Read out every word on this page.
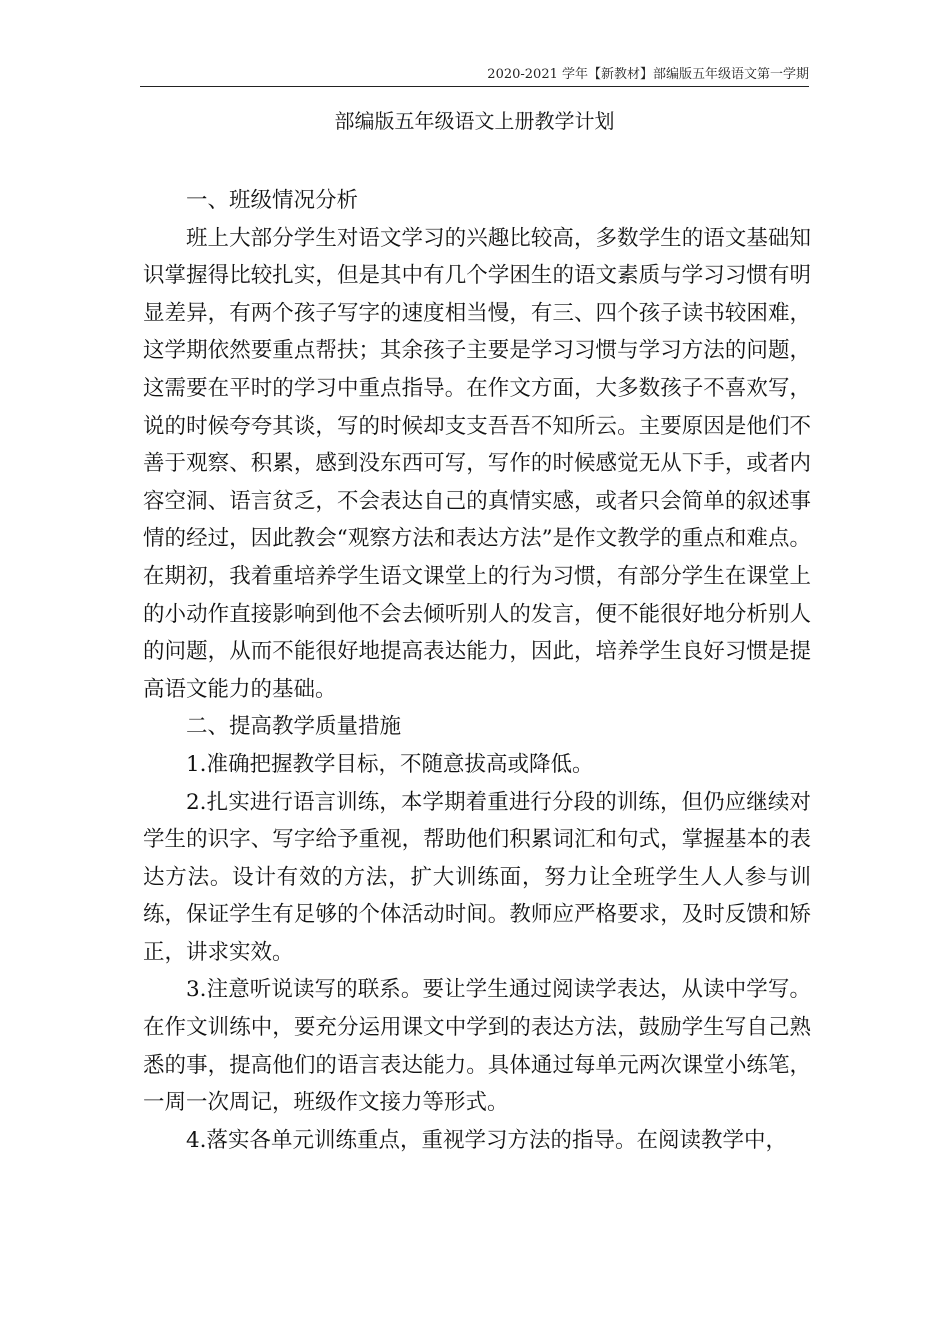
2020-2021 学年【新教材】部编版五年级语文第一学期
部编版五年级语文上册教学计划

一、班级情况分析

班上大部分学生对语文学习的兴趣比较高，多数学生的语文基础知识掌握得比较扎实，但是其中有几个学困生的语文素质与学习习惯有明显差异，有两个孩子写字的速度相当慢，有三、四个孩子读书较困难，这学期依然要重点帮扶；其余孩子主要是学习习惯与学习方法的问题，这需要在平时的学习中重点指导。在作文方面，大多数孩子不喜欢写，说的时候夸夸其谈，写的时候却支支吾吾不知所云。主要原因是他们不善于观察、积累，感到没东西可写，写作的时候感觉无从下手，或者内容空洞、语言贫乏，不会表达自己的真情实感，或者只会简单的叙述事情的经过，因此教会“观察方法和表达方法”是作文教学的重点和难点。在期初，我着重培养学生语文课堂上的行为习惯，有部分学生在课堂上的小动作直接影响到他不会去倾听别人的发言，便不能很好地分析别人的问题，从而不能很好地提高表达能力，因此，培养学生良好习惯是提高语文能力的基础。

二、提高教学质量措施

1.准确把握教学目标，不随意拔高或降低。

2.扎实进行语言训练，本学期着重进行分段的训练，但仍应继续对学生的识字、写字给予重视，帮助他们积累词汇和句式，掌握基本的表达方法。设计有效的方法，扩大训练面，努力让全班学生人人参与训练，保证学生有足够的个体活动时间。教师应严格要求，及时反馈和矫正，讲求实效。

3.注意听说读写的联系。要让学生通过阅读学表达，从读中学写。在作文训练中，要充分运用课文中学到的表达方法，鼓励学生写自己熟悉的事，提高他们的语言表达能力。具体通过每单元两次课堂小练笔，一周一次周记，班级作文接力等形式。

4.落实各单元训练重点，重视学习方法的指导。在阅读教学中，
